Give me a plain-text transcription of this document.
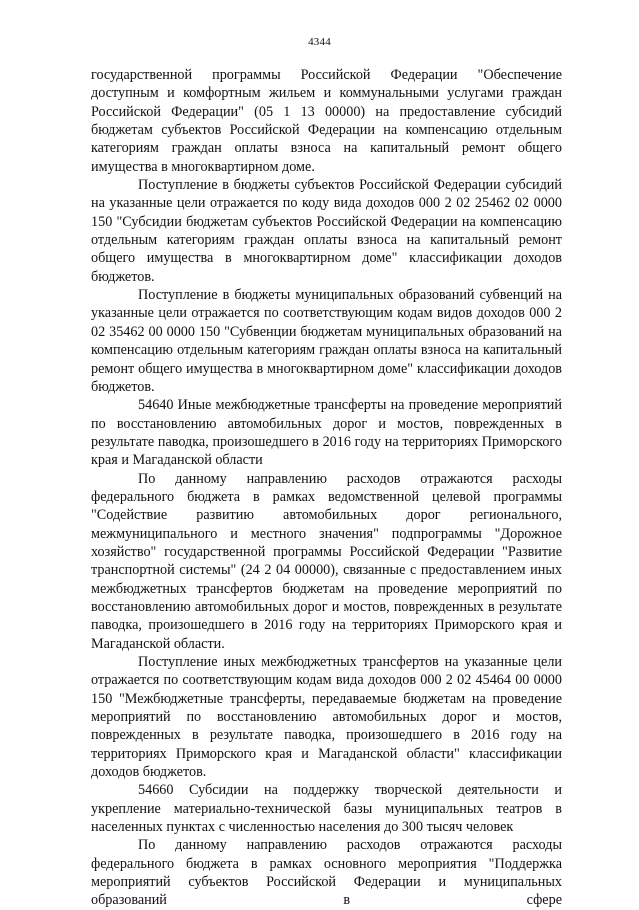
4344

государственной программы Российской Федерации "Обеспечение доступным и комфортным жильем и коммунальными услугами граждан Российской Федерации" (05 1 13 00000) на предоставление субсидий бюджетам субъектов Российской Федерации на компенсацию отдельным категориям граждан оплаты взноса на капитальный ремонт общего имущества в многоквартирном доме.

Поступление в бюджеты субъектов Российской Федерации субсидий на указанные цели отражается по коду вида доходов 000 2 02 25462 02 0000 150 "Субсидии бюджетам субъектов Российской Федерации на компенсацию отдельным категориям граждан оплаты взноса на капитальный ремонт общего имущества в многоквартирном доме" классификации доходов бюджетов.

Поступление в бюджеты муниципальных образований субвенций на указанные цели отражается по соответствующим кодам видов доходов 000 2 02 35462 00 0000 150 "Субвенции бюджетам муниципальных образований на компенсацию отдельным категориям граждан оплаты взноса на капитальный ремонт общего имущества в многоквартирном доме" классификации доходов бюджетов.

54640 Иные межбюджетные трансферты на проведение мероприятий по восстановлению автомобильных дорог и мостов, поврежденных в результате паводка, произошедшего в 2016 году на территориях Приморского края и Магаданской области

По данному направлению расходов отражаются расходы федерального бюджета в рамках ведомственной целевой программы "Содействие развитию автомобильных дорог регионального, межмуниципального и местного значения" подпрограммы "Дорожное хозяйство" государственной программы Российской Федерации "Развитие транспортной системы" (24 2 04 00000), связанные с предоставлением иных межбюджетных трансфертов бюджетам на проведение мероприятий по восстановлению автомобильных дорог и мостов, поврежденных в результате паводка, произошедшего в 2016 году на территориях Приморского края и Магаданской области.

Поступление иных межбюджетных трансфертов на указанные цели отражается по соответствующим кодам вида доходов 000 2 02 45464 00 0000 150 "Межбюджетные трансферты, передаваемые бюджетам на проведение мероприятий по восстановлению автомобильных дорог и мостов, поврежденных в результате паводка, произошедшего в 2016 году на территориях Приморского края и Магаданской области" классификации доходов бюджетов.

54660 Субсидии на поддержку творческой деятельности и укрепление материально-технической базы муниципальных театров в населенных пунктах с численностью населения до 300 тысяч человек

По данному направлению расходов отражаются расходы федерального бюджета в рамках основного мероприятия "Поддержка мероприятий субъектов Российской Федерации и муниципальных образований в сфере
